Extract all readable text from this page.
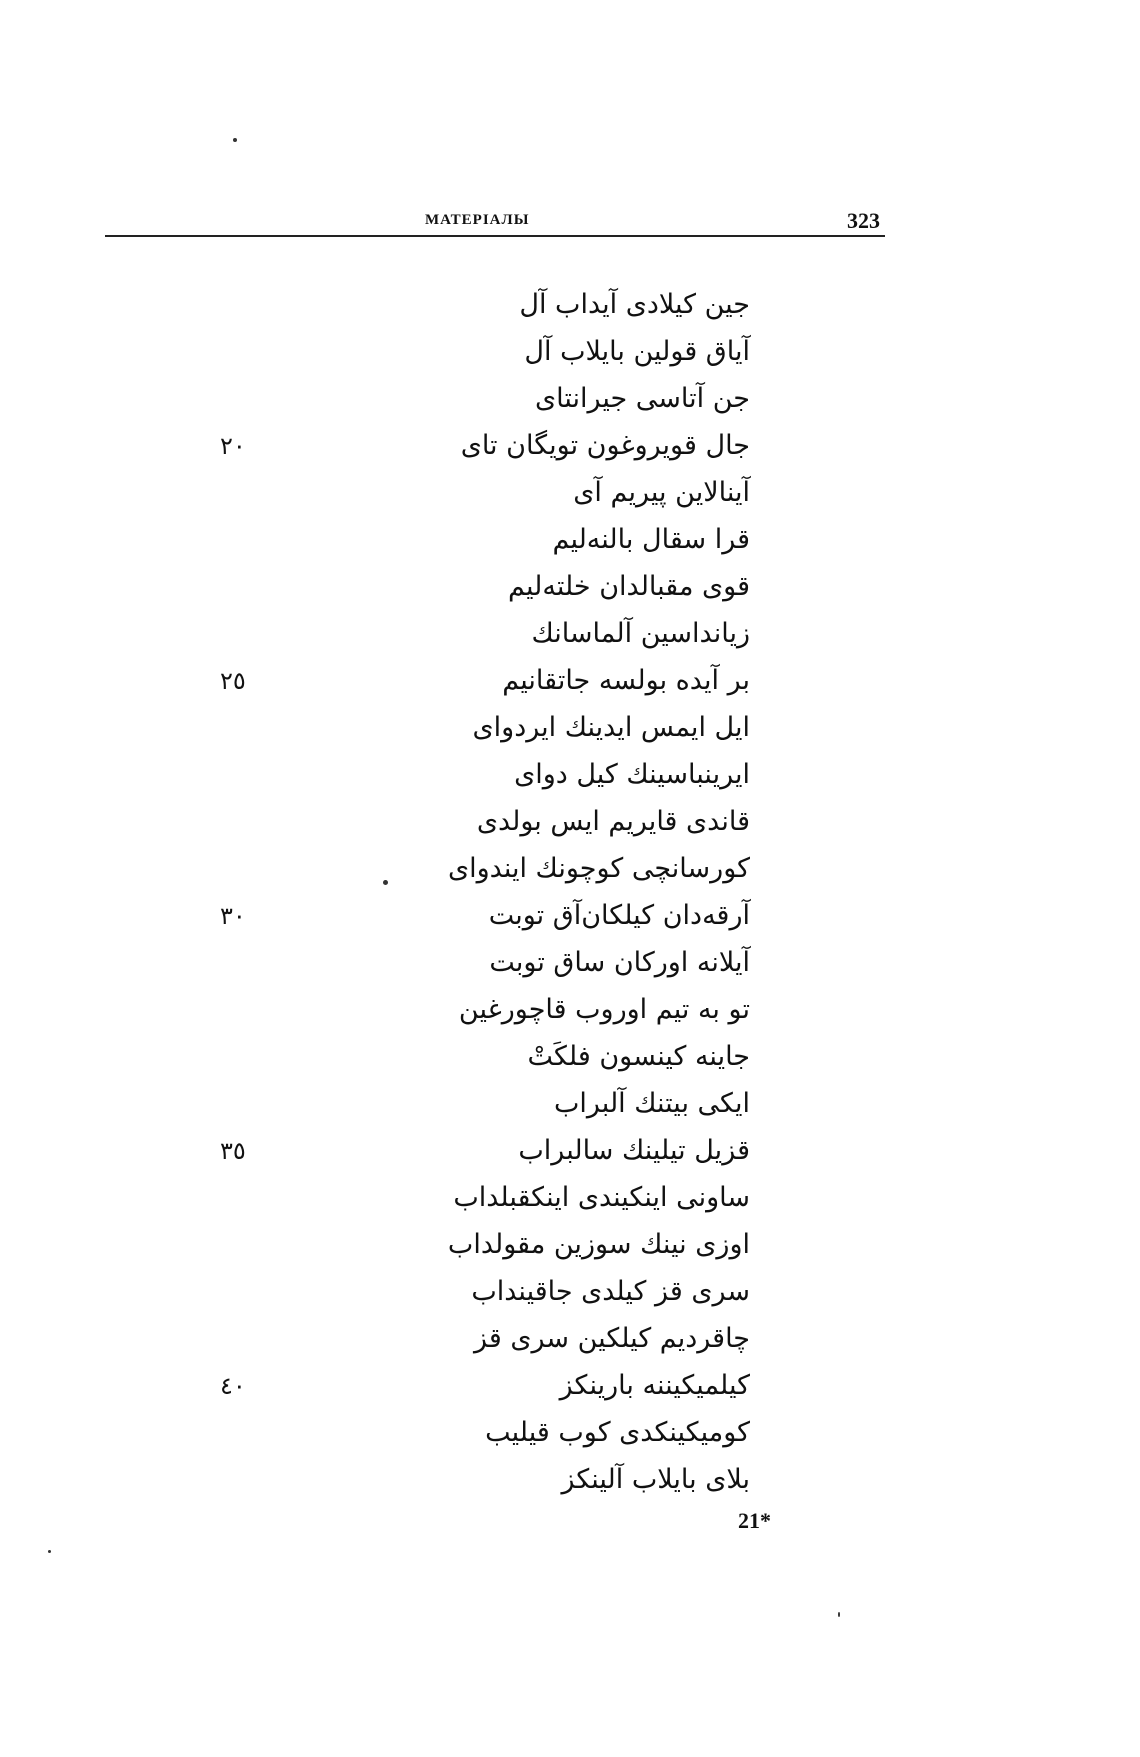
МАТЕРIАЛЫ	323
جین کیلادی آیداب آل
آیاق قولین بایلاب آل
جن آتاسی جیرانتای
جال قویروغون تویگان تای
آینالاین پیریم آی
قرا سقال بالنه‌لیم
قوی مقبالدان خلته‌لیم
زیانداسین آلماسانك
بر آیده بولسه جاتقانیم
ایل ایمس ایدینك ایردوای
ایرینباسینك کیل دوای
قاندی قایریم ایس بولدی
کورسانچی کوچونك ایندوای
آرقه‌دان کیلکان‌آق توبت
آیلانه اورکان ساق توبت
تو به تیم اوروب قاچورغین
جاینه کینسون فلکَتْ
ایکی بیتنك آلبراب
قزیل تیلینك سالبراب
ساونی اینکیندی اینکقبلداب
اوزی نینك سوزین مقولداب
سری قز کیلدی جاقینداب
چاقردیم کیلکین سری قز
کیلمیکیننه بارینکز
کومیکینکدی کوب قیلیب
بلای بایلاب آلینکز
٢٠
٢٥
٣٠
٣٥
٤٠
21*
